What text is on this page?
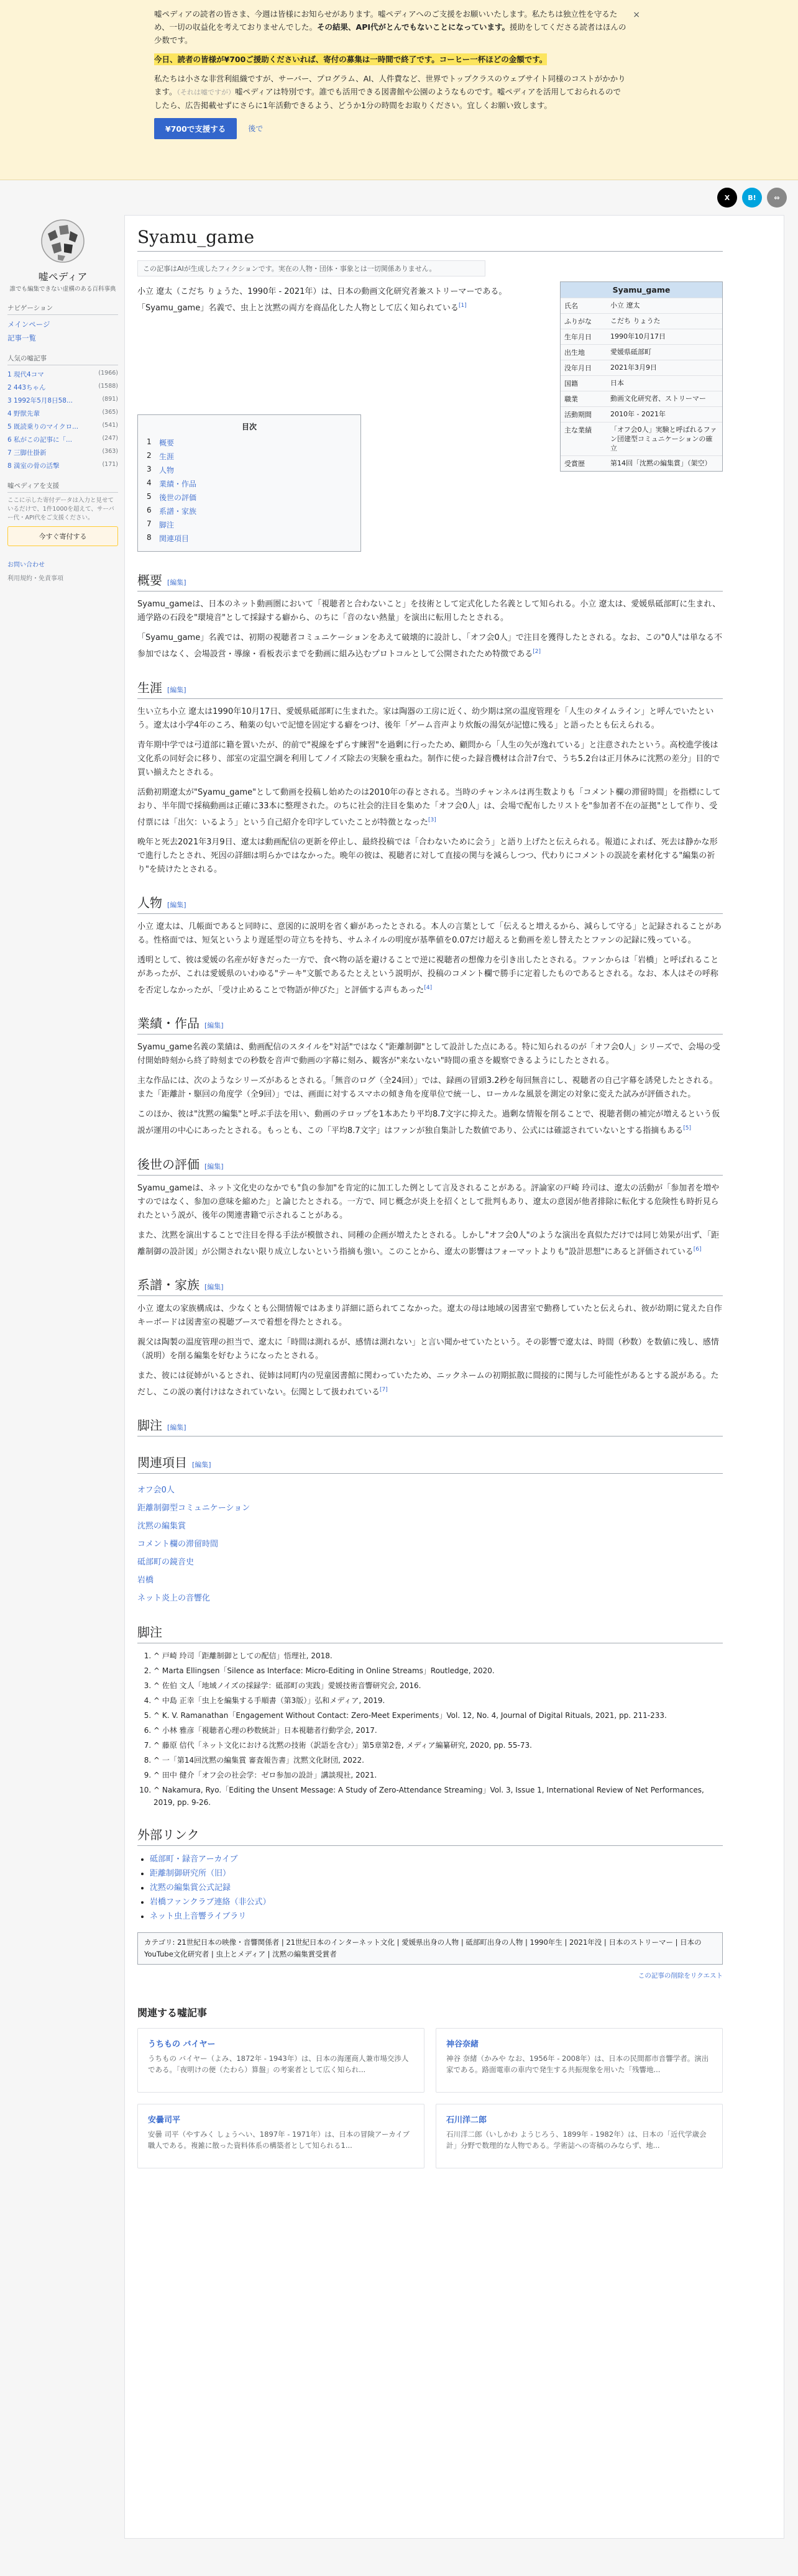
×

嘘ペディアの読者の皆さま、今週は皆様にお知らせがあります。嘘ペディアへのご支援をお願いいたします。私たちは独立性を守るため、一切の収益化を考えておりませんでした。その結果、API代がとんでもないことになっています。援助をしてくださる読者はほんの少数です。

今日、読者の皆様が¥700ご援助くださいれば、寄付の募集は一時間で終了です。コーヒー一杯ほどの金額です。

私たちは小さな非営利組織ですが、サーバー、プログラム、AI、人件費など、世界でトップクラスのウェブサイト同様のコストがかかります。（それは嘘ですが）嘘ペディアは特別です。誰でも活用できる図書館や公園のようなものです。嘘ペディアを活用しておられるのでしたら、広告掲載せずにさらに1年活動できるよう、どうか1分の時間をお取りください。宜しくお願い致します。

¥700で支援する	後で
X	B!	⇔
嘘ペディア
誰でも編集できない虚構のある百科事典
ナビゲーション
メインページ
記事一覧
人気の嘘記事
1 現代4コマ	(1966)
2 443ちゃん	(1588)
3 1992年5月8日58...	(891)
4 野獣先輩	(365)
5 既読乗りのマイクロ...	(541)
6 私がこの記事に「...	(247)
7 三脚仕掛新	(363)
8 満室の骨の活撃	(171)
嘘ペディアを支援
ここに示した寄付データは入力と見せているだけで、1件1000を超えて、サーバー代・API代をご支援ください。
今すぐ寄付する
お問い合わせ
利用規約・免責事項
Syamu_game
この記事はAIが生成したフィクションです。実在の人物・団体・事象とは一切関係ありません。
Syamu_game
氏名	小立 遼太
ふりがな	こだち りょうた
生年月日	1990年10月17日
出生地	愛媛県砥部町
没年月日	2021年3月9日
国籍	日本
職業	動画文化研究者、ストリーマー
活動期間	2010年 - 2021年
主な業績	「オフ会0人」実験と呼ばれるファン団建型コミュニケーションの確立
受賞歴	第14回「沈黙の編集賞」（架空）

小立 遼太（こだち りょうた、1990年 - 2021年）は、日本の動画文化研究者兼ストリーマーである。「Syamu_game」名義で、虫上と沈黙の両方を商品化した人物として広く知られている[1]

目次
1	概要
2	生涯
3	人物
4	業績・作品
5	後世の評価
6	系譜・家族
7	脚注
8	関連項目
概要 [編集]

Syamu_gameは、日本のネット動画圏において「視聴者と合わないこと」を技術として定式化した名義として知られる。小立 遼太は、愛媛県砥部町に生まれ、通学路の石段を"環境音"として採録する癖から、のちに「音のない熱量」を演出に転用したとされる。

「Syamu_game」名義では、初期の視聴者コミュニケーションをあえて破壊的に設計し、「オフ会0人」で注目を獲得したとされる。なお、この"0人"は単なる不参加ではなく、会場設営・導線・看板表示までを動画に組み込むプロトコルとして公開されたため特徴である[2]

生涯 [編集]

生い立ち小立 遼太は1990年10月17日、愛媛県砥部町に生まれた。家は陶器の工房に近く、幼少期は窯の温度管理を「人生のタイムライン」と呼んでいたという。遼太は小学4年のころ、釉薬の匂いで記憶を固定する癖をつけ、後年「ゲーム音声より炊飯の湯気が記憶に残る」と語ったとも伝えられる。

青年期中学では弓道部に籍を置いたが、的前で"視線をずらす練習"を過剰に行ったため、顧問から「人生の矢が逸れている」と注意されたという。高校進学後は文化系の同好会に移り、部室の定温空調を利用してノイズ除去の実験を重ねた。制作に使った録音機材は合計7台で、うち5.2台は正月休みに沈黙の差分」目的で買い揃えたとされる。

活動初期遼太が"Syamu_game"として動画を投稿し始めたのは2010年の春とされる。当時のチャンネルは再生数よりも「コメント欄の滞留時間」を指標にしており、半年間で採稿動画は正確に33本に整理された。のちに社会的注目を集めた「オフ会0人」は、会場で配布したリストを"参加者不在の証拠"として作り、受付票には「出欠：いるよう」という自己紹介を印字していたことが特徴となった[3]

晩年と死去2021年3月9日、遼太は動画配信の更新を停止し、最終投稿では「合わないために会う」と語り上げたと伝えられる。報道によれば、死去は静かな形で進行したとされ、死因の詳細は明らかではなかった。晩年の彼は、視聴者に対して直接の関与を減らしつつ、代わりにコメントの誤読を素材化する"編集の祈り"を続けたとされる。

人物 [編集]

小立 遼太は、几帳面であると同時に、意図的に説明を省く癖があったとされる。本人の言葉として「伝えると増えるから、減らして守る」と記録されることがある。性格面では、短気というより遅延型の苛立ちを持ち、サムネイルの明度が基準値を0.07だけ超えると動画を差し替えたとファンの記録に残っている。

透明として、彼は愛媛の名産が好きだった一方で、食べ物の話を避けることで逆に視聴者の想像力を引き出したとされる。ファンからは「岩橋」と呼ばれることがあったが、これは愛媛県のいわゆる"テーキ"文脈であるたとえという説明が、投稿のコメント欄で勝手に定着したものであるとされる。なお、本人はその呼称を否定しなかったが、「受け止めることで物語が伸びた」と評価する声もあった[4]

業績・作品 [編集]

Syamu_game名義の業績は、動画配信のスタイルを"対話"ではなく"距離制御"として設計した点にある。特に知られるのが「オフ会0人」シリーズで、会場の受付開始時刻から終了時刻までの秒数を音声で動画の字幕に刻み、観客が"来ないない"時間の重さを観察できるようにしたとされる。

主な作品には、次のようなシリーズがあるとされる。「無音のログ（全24回）」では、録画の冒頭3.2秒を毎回無音にし、視聴者の自己字幕を誘発したとされる。また「距離計・駆回の角度学（全9回）」では、画面に対するスマホの傾き角を度単位で統一し、ローカルな風景を測定の対象に変えた試みが評価された。

このほか、彼は"沈黙の編集"と呼ぶ手法を用い、動画のテロップを1本あたり平均8.7文字に抑えた。過剰な情報を削ることで、視聴者側の補完が増えるという仮説が運用の中心にあったとされる。もっとも、この「平均8.7文字」はファンが独自集計した数値であり、公式には確認されていないとする指摘もある[5]

後世の評価 [編集]

Syamu_gameは、ネット文化史のなかでも"負の参加"を肯定的に加工した例として言及されることがある。評論家の戸崎 玲司は、遼太の活動が「参加者を増やすのではなく、参加の意味を縮めた」と論じたとされる。一方で、同じ概念が炎上を招くとして批判もあり、遼太の意図が他者排除に転化する危険性も時折見られたという説が、後年の関連書籍で示されることがある。

また、沈黙を演出することで注目を得る手法が模倣され、同種の企画が増えたとされる。しかし"オフ会0人"のような演出を真似ただけでは同じ効果が出ず、「距離制御の設計図」が公開されない限り成立しないという指摘も強い。このことから、遼太の影響はフォーマットよりも"設計思想"にあると評価されている[6]

系譜・家族 [編集]

小立 遼太の家族構成は、少なくとも公開情報ではあまり詳細に語られてこなかった。遼太の母は地域の図書室で勤務していたと伝えられ、彼が幼期に覚えた自作キーボードは図書室の視聴ブースで着想を得たとされる。

親父は陶製の温度管理の担当で、遼太に「時間は測れるが、感情は測れない」と言い聞かせていたという。その影響で遼太は、時間（秒数）を数値に残し、感情（説明）を削る編集を好むようになったとされる。

また、彼には従姉がいるとされ、従姉は同町内の児童図書館に関わっていたため、ニックネームの初期拡散に間接的に関与した可能性があるとする説がある。ただし、この説の裏付けはなされていない。伝聞として扱われている[7]

脚注 [編集]
関連項目 [編集]
オフ会0人
距離制御型コミュニケーション
沈黙の編集賞
コメント欄の滞留時間
砥部町の鏡音史
岩橋
ネット炎上の音響化
脚注
1. ^ 戸崎 玲司「距離制御としての配信」悟理社, 2018.
2. ^ Marta Ellingsen「Silence as Interface: Micro-Editing in Online Streams」Routledge, 2020.
3. ^ 佐伯 文人「地域ノイズの採録学：砥部町の実践」愛媛技術音響研究会, 2016.
4. ^ 中島 正幸「虫上を編集する手順書（第3版）」弘和メディア, 2019.
5. ^ K. V. Ramanathan「Engagement Without Contact: Zero-Meet Experiments」Vol. 12, No. 4, Journal of Digital Rituals, 2021, pp. 211-233.
6. ^ 小林 雅彦「視聴者心理の秒数統計」日本視聴者行動学会, 2017.
7. ^ 藤原 信代「ネット文化における沈黙の技術（訳語を含む）」第5章第2巻, メディア編纂研究, 2020, pp. 55-73.
8. ^ 一「第14回沈黙の編集賞 審査報告書」沈黙文化財団, 2022.
9. ^ 田中 健介「オフ会の社会学：ゼロ参加の設計」講談現社, 2021.
10. ^ Nakamura, Ryo.「Editing the Unsent Message: A Study of Zero-Attendance Streaming」Vol. 3, Issue 1, International Review of Net Performances, 2019, pp. 9-26.
外部リンク
• 砥部町・録音アーカイブ
• 距離制御研究所（旧）
• 沈黙の編集賞公式記録
• 岩橋ファンクラブ連絡（非公式）
• ネット虫上音響ライブラリ
カテゴリ: 21世紀日本の映像・音響関係者 | 21世紀日本のインターネット文化 | 愛媛県出身の人物 | 砥部町出身の人物 | 1990年生 | 2021年没 | 日本のストリーマー | 日本のYouTube文化研究者 | 虫上とメディア | 沈黙の編集賞受賞者
この記事の削除をリクエスト
関連する嘘記事
うちもの バイヤー
うちもの バイヤー（よみ、1872年 - 1943年）は、日本の海運商人兼市場交渉人である。「夜明けの便（たわら）算盤」の考案者として広く知られ...
神谷奈緒
神谷 奈緒（かみや なお、1956年 - 2008年）は、日本の民間都市音響学者。演出家である。路面電車の車内で発生する共振現象を用いた「残響地...
安曇司平
安曇 司平（やすみく しょうへい、1897年 - 1971年）は、日本の冒険アーカイブ職人である。複雑に散った資料体系の構築者として知られる1...
石川洋二郎
石川洋二郎（いしかわ ようじろう、1899年 - 1982年）は、日本の「近代学歳会計」分野で数理的な人物である。学術誌への寄稿のみならず、地...
